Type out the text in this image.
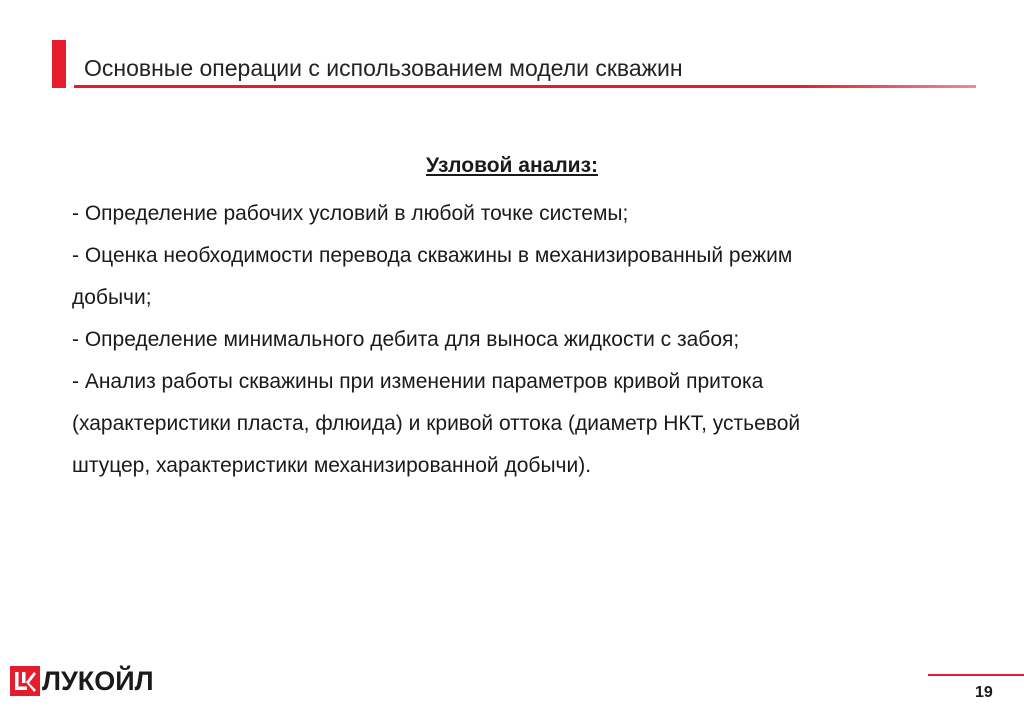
Основные операции с использованием модели скважин
Узловой анализ:
- Определение рабочих условий в любой точке системы;
- Оценка необходимости перевода скважины в механизированный режим
добычи;
- Определение минимального дебита для выноса жидкости с забоя;
- Анализ работы скважины при изменении параметров кривой притока
(характеристики пласта, флюида) и кривой оттока (диаметр НКТ, устьевой
штуцер, характеристики механизированной добычи).
ЛУКОЙЛ	19
